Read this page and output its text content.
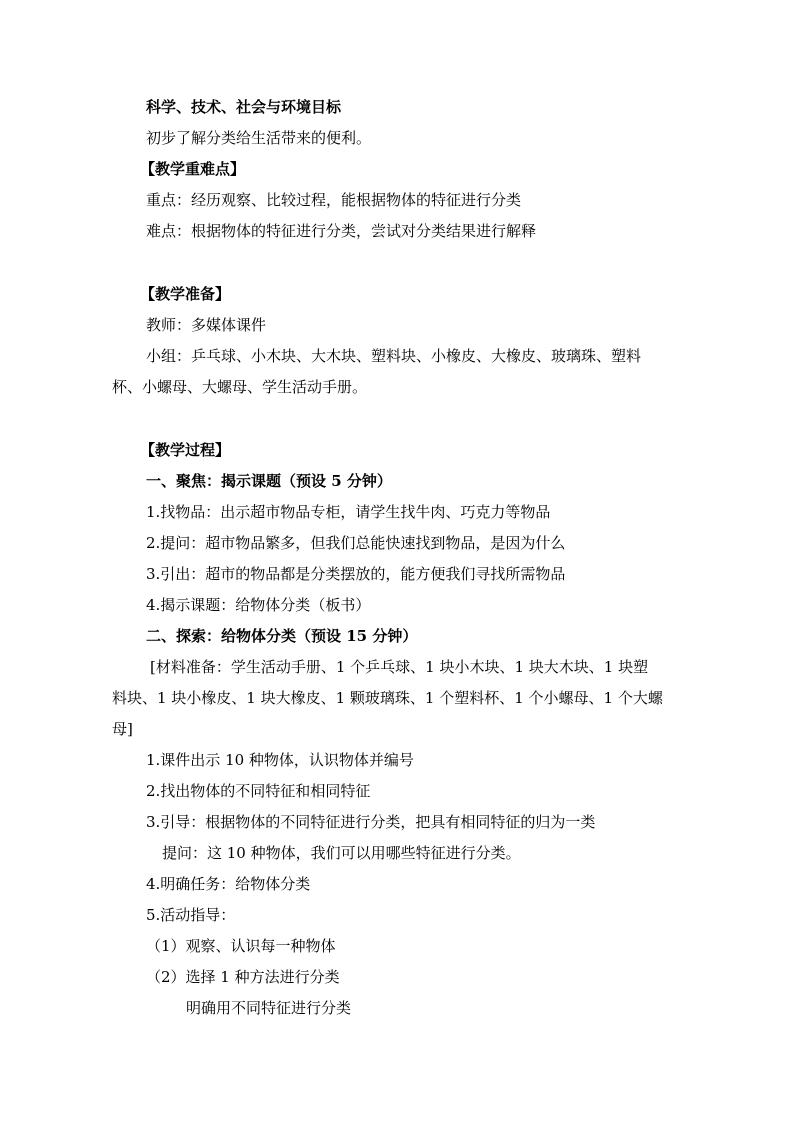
科学、技术、社会与环境目标
初步了解分类给生活带来的便利。
【教学重难点】
重点：经历观察、比较过程，能根据物体的特征进行分类
难点：根据物体的特征进行分类，尝试对分类结果进行解释
【教学准备】
教师：多媒体课件
小组：乒乓球、小木块、大木块、塑料块、小橡皮、大橡皮、玻璃珠、塑料
杯、小螺母、大螺母、学生活动手册。
【教学过程】
一、聚焦：揭示课题（预设 5 分钟）
1.找物品：出示超市物品专柜，请学生找牛肉、巧克力等物品
2.提问：超市物品繁多，但我们总能快速找到物品，是因为什么
3.引出：超市的物品都是分类摆放的，能方便我们寻找所需物品
4.揭示课题：给物体分类（板书）
二、探索：给物体分类（预设 15 分钟）
[材料准备：学生活动手册、1 个乒乓球、1 块小木块、1 块大木块、1 块塑
料块、1 块小橡皮、1 块大橡皮、1 颗玻璃珠、1 个塑料杯、1 个小螺母、1 个大螺
母]
1.课件出示 10 种物体，认识物体并编号
2.找出物体的不同特征和相同特征
3.引导：根据物体的不同特征进行分类，把具有相同特征的归为一类
提问：这 10 种物体，我们可以用哪些特征进行分类。
4.明确任务：给物体分类
5.活动指导：
（1）观察、认识每一种物体
（2）选择 1 种方法进行分类
明确用不同特征进行分类
